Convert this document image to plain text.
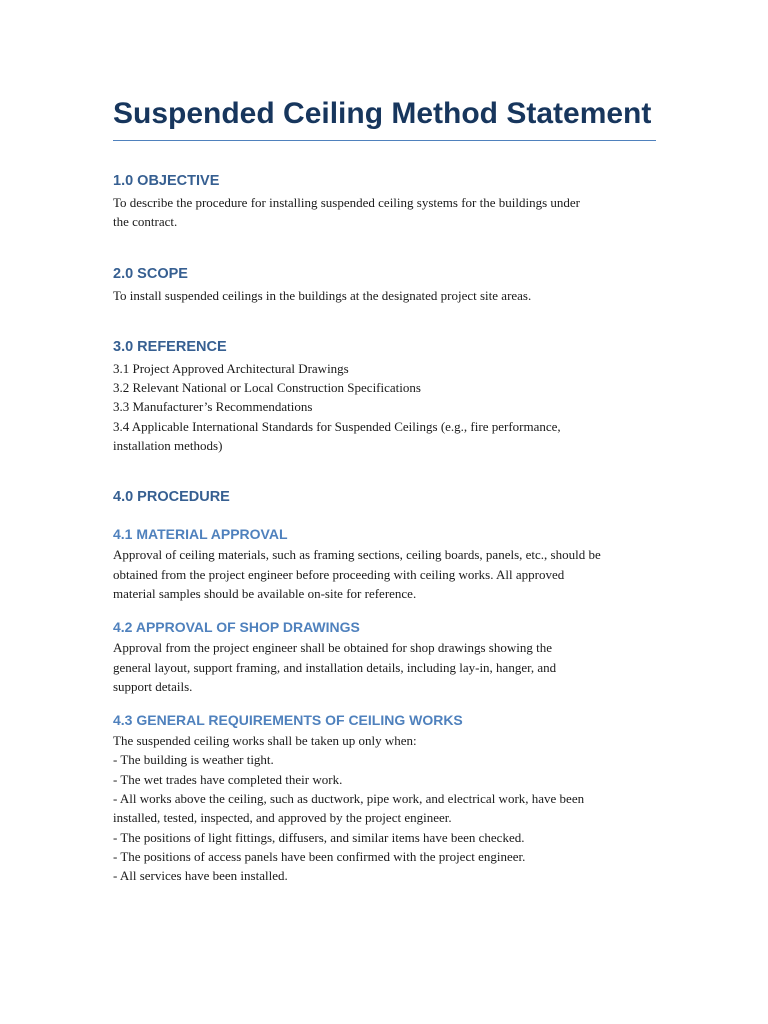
Suspended Ceiling Method Statement
1.0 OBJECTIVE

To describe the procedure for installing suspended ceiling systems for the buildings under
the contract.

2.0 SCOPE

To install suspended ceilings in the buildings at the designated project site areas.

3.0 REFERENCE

3.1 Project Approved Architectural Drawings
3.2 Relevant National or Local Construction Specifications
3.3 Manufacturer’s Recommendations
3.4 Applicable International Standards for Suspended Ceilings (e.g., fire performance,
installation methods)

4.0 PROCEDURE
4.1 MATERIAL APPROVAL

Approval of ceiling materials, such as framing sections, ceiling boards, panels, etc., should be
obtained from the project engineer before proceeding with ceiling works. All approved
material samples should be available on-site for reference.

4.2 APPROVAL OF SHOP DRAWINGS

Approval from the project engineer shall be obtained for shop drawings showing the
general layout, support framing, and installation details, including lay-in, hanger, and
support details.

4.3 GENERAL REQUIREMENTS OF CEILING WORKS

The suspended ceiling works shall be taken up only when:
- The building is weather tight.
- The wet trades have completed their work.
- All works above the ceiling, such as ductwork, pipe work, and electrical work, have been
installed, tested, inspected, and approved by the project engineer.
- The positions of light fittings, diffusers, and similar items have been checked.
- The positions of access panels have been confirmed with the project engineer.
- All services have been installed.
